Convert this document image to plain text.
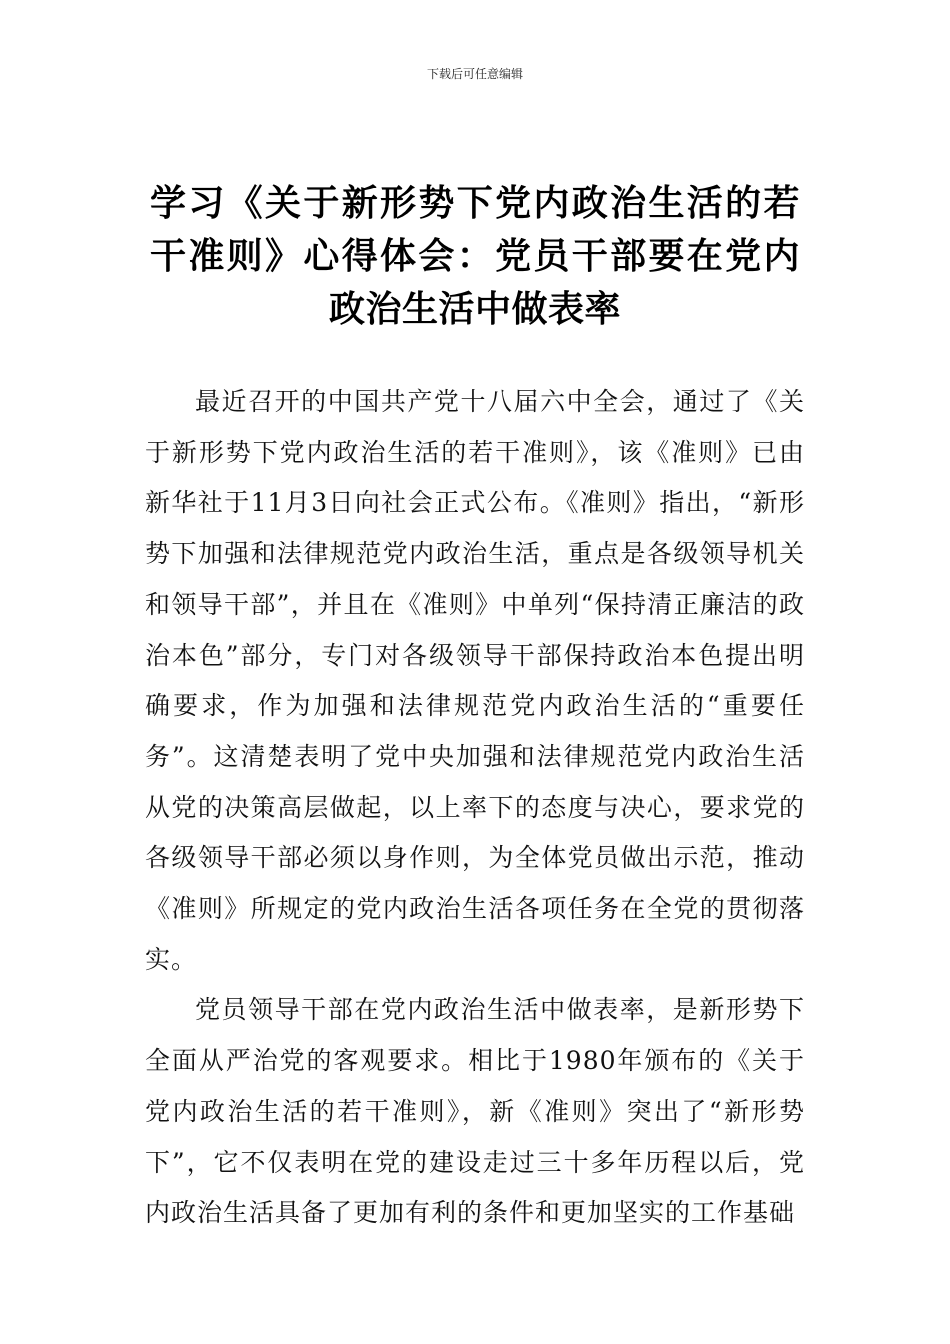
下载后可任意编辑
学习《关于新形势下党内政治生活的若干准则》心得体会：党员干部要在党内政治生活中做表率

最近召开的中国共产党十八届六中全会，通过了《关于新形势下党内政治生活的若干准则》，该《准则》已由新华社于11月3日向社会正式公布。《准则》指出，“新形势下加强和法律规范党内政治生活，重点是各级领导机关和领导干部”，并且在《准则》中单列“保持清正廉洁的政治本色”部分，专门对各级领导干部保持政治本色提出明确要求，作为加强和法律规范党内政治生活的“重要任务”。这清楚表明了党中央加强和法律规范党内政治生活从党的决策高层做起，以上率下的态度与决心，要求党的各级领导干部必须以身作则，为全体党员做出示范，推动《准则》所规定的党内政治生活各项任务在全党的贯彻落实。

党员领导干部在党内政治生活中做表率，是新形势下全面从严治党的客观要求。相比于1980年颁布的《关于党内政治生活的若干准则》，新《准则》突出了“新形势下”，它不仅表明在党的建设走过三十多年历程以后，党内政治生活具备了更加有利的条件和更加坚实的工作基础
